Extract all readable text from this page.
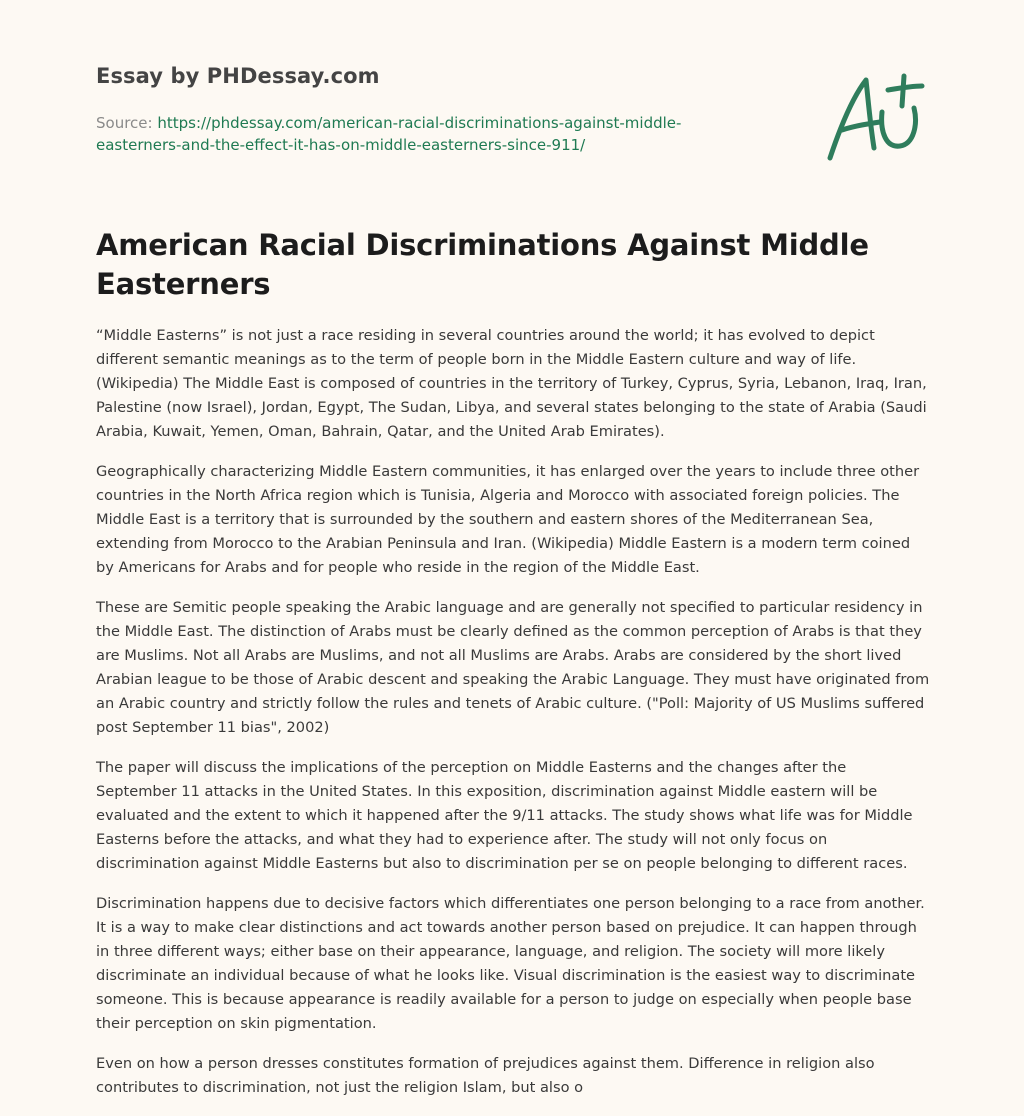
Essay by PHDessay.com
Source: https://phdessay.com/american-racial-discriminations-against-middle-easterners-and-the-effect-it-has-on-middle-easterners-since-911/
American Racial Discriminations Against Middle Easterners

“Middle Easterns” is not just a race residing in several countries around the world; it has evolved to depict different semantic meanings as to the term of people born in the Middle Eastern culture and way of life. (Wikipedia) The Middle East is composed of countries in the territory of Turkey, Cyprus, Syria, Lebanon, Iraq, Iran, Palestine (now Israel), Jordan, Egypt, The Sudan, Libya, and several states belonging to the state of Arabia (Saudi Arabia, Kuwait, Yemen, Oman, Bahrain, Qatar, and the United Arab Emirates).

Geographically characterizing Middle Eastern communities, it has enlarged over the years to include three other countries in the North Africa region which is Tunisia, Algeria and Morocco with associated foreign policies. The Middle East is a territory that is surrounded by the southern and eastern shores of the Mediterranean Sea, extending from Morocco to the Arabian Peninsula and Iran. (Wikipedia) Middle Eastern is a modern term coined by Americans for Arabs and for people who reside in the region of the Middle East.

These are Semitic people speaking the Arabic language and are generally not specified to particular residency in the Middle East. The distinction of Arabs must be clearly defined as the common perception of Arabs is that they are Muslims. Not all Arabs are Muslims, and not all Muslims are Arabs. Arabs are considered by the short lived Arabian league to be those of Arabic descent and speaking the Arabic Language. They must have originated from an Arabic country and strictly follow the rules and tenets of Arabic culture. ("Poll: Majority of US Muslims suffered post September 11 bias", 2002)

The paper will discuss the implications of the perception on Middle Easterns and the changes after the September 11 attacks in the United States. In this exposition, discrimination against Middle eastern will be evaluated and the extent to which it happened after the 9/11 attacks. The study shows what life was for Middle Easterns before the attacks, and what they had to experience after. The study will not only focus on discrimination against Middle Easterns but also to discrimination per se on people belonging to different races.

Discrimination happens due to decisive factors which differentiates one person belonging to a race from another. It is a way to make clear distinctions and act towards another person based on prejudice. It can happen through in three different ways; either base on their appearance, language, and religion. The society will more likely discriminate an individual because of what he looks like. Visual discrimination is the easiest way to discriminate someone. This is because appearance is readily available for a person to judge on especially when people base their perception on skin pigmentation.

Even on how a person dresses constitutes formation of prejudices against them. Difference in religion also contributes to discrimination, not just the religion Islam, but also o
